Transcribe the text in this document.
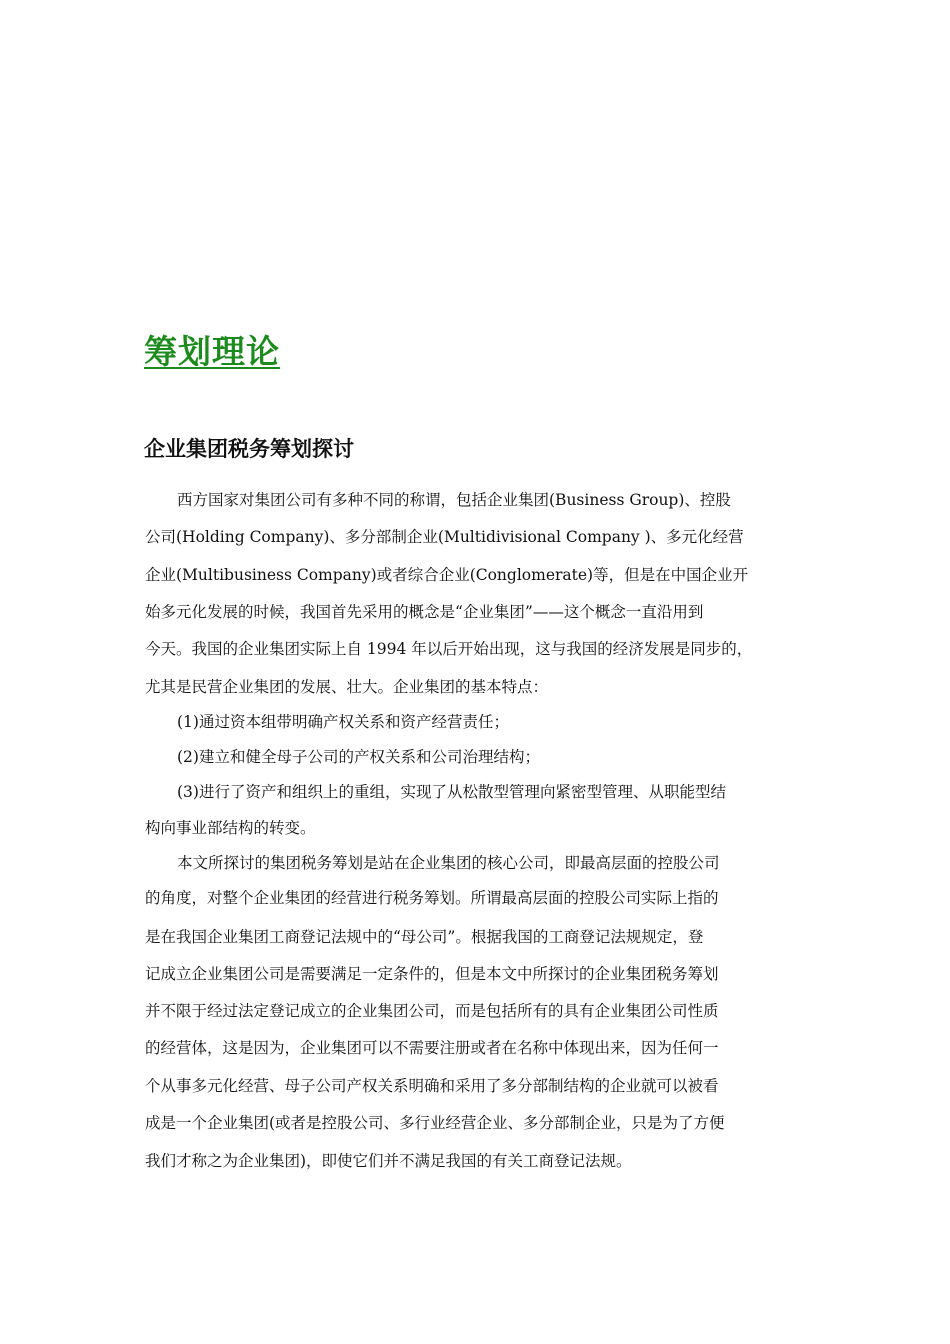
筹划理论
企业集团税务筹划探讨
西方国家对集团公司有多种不同的称谓，包括企业集团(Business Group)、控股
公司(Holding Company)、多分部制企业(Multidivisional Company )、多元化经营
企业(Multibusiness Company)或者综合企业(Conglomerate)等，但是在中国企业开
始多元化发展的时候，我国首先采用的概念是“企业集团”——这个概念一直沿用到
今天。我国的企业集团实际上自 1994 年以后开始出现，这与我国的经济发展是同步的，
尤其是民营企业集团的发展、壮大。企业集团的基本特点：
(1)通过资本组带明确产权关系和资产经营责任；
(2)建立和健全母子公司的产权关系和公司治理结构；
(3)进行了资产和组织上的重组，实现了从松散型管理向紧密型管理、从职能型结
构向事业部结构的转变。
本文所探讨的集团税务筹划是站在企业集团的核心公司，即最高层面的控股公司
的角度，对整个企业集团的经营进行税务筹划。所谓最高层面的控股公司实际上指的
是在我国企业集团工商登记法规中的“母公司”。根据我国的工商登记法规规定，登
记成立企业集团公司是需要满足一定条件的，但是本文中所探讨的企业集团税务筹划
并不限于经过法定登记成立的企业集团公司，而是包括所有的具有企业集团公司性质
的经营体，这是因为，企业集团可以不需要注册或者在名称中体现出来，因为任何一
个从事多元化经营、母子公司产权关系明确和采用了多分部制结构的企业就可以被看
成是一个企业集团(或者是控股公司、多行业经营企业、多分部制企业，只是为了方便
我们才称之为企业集团)，即使它们并不满足我国的有关工商登记法规。
